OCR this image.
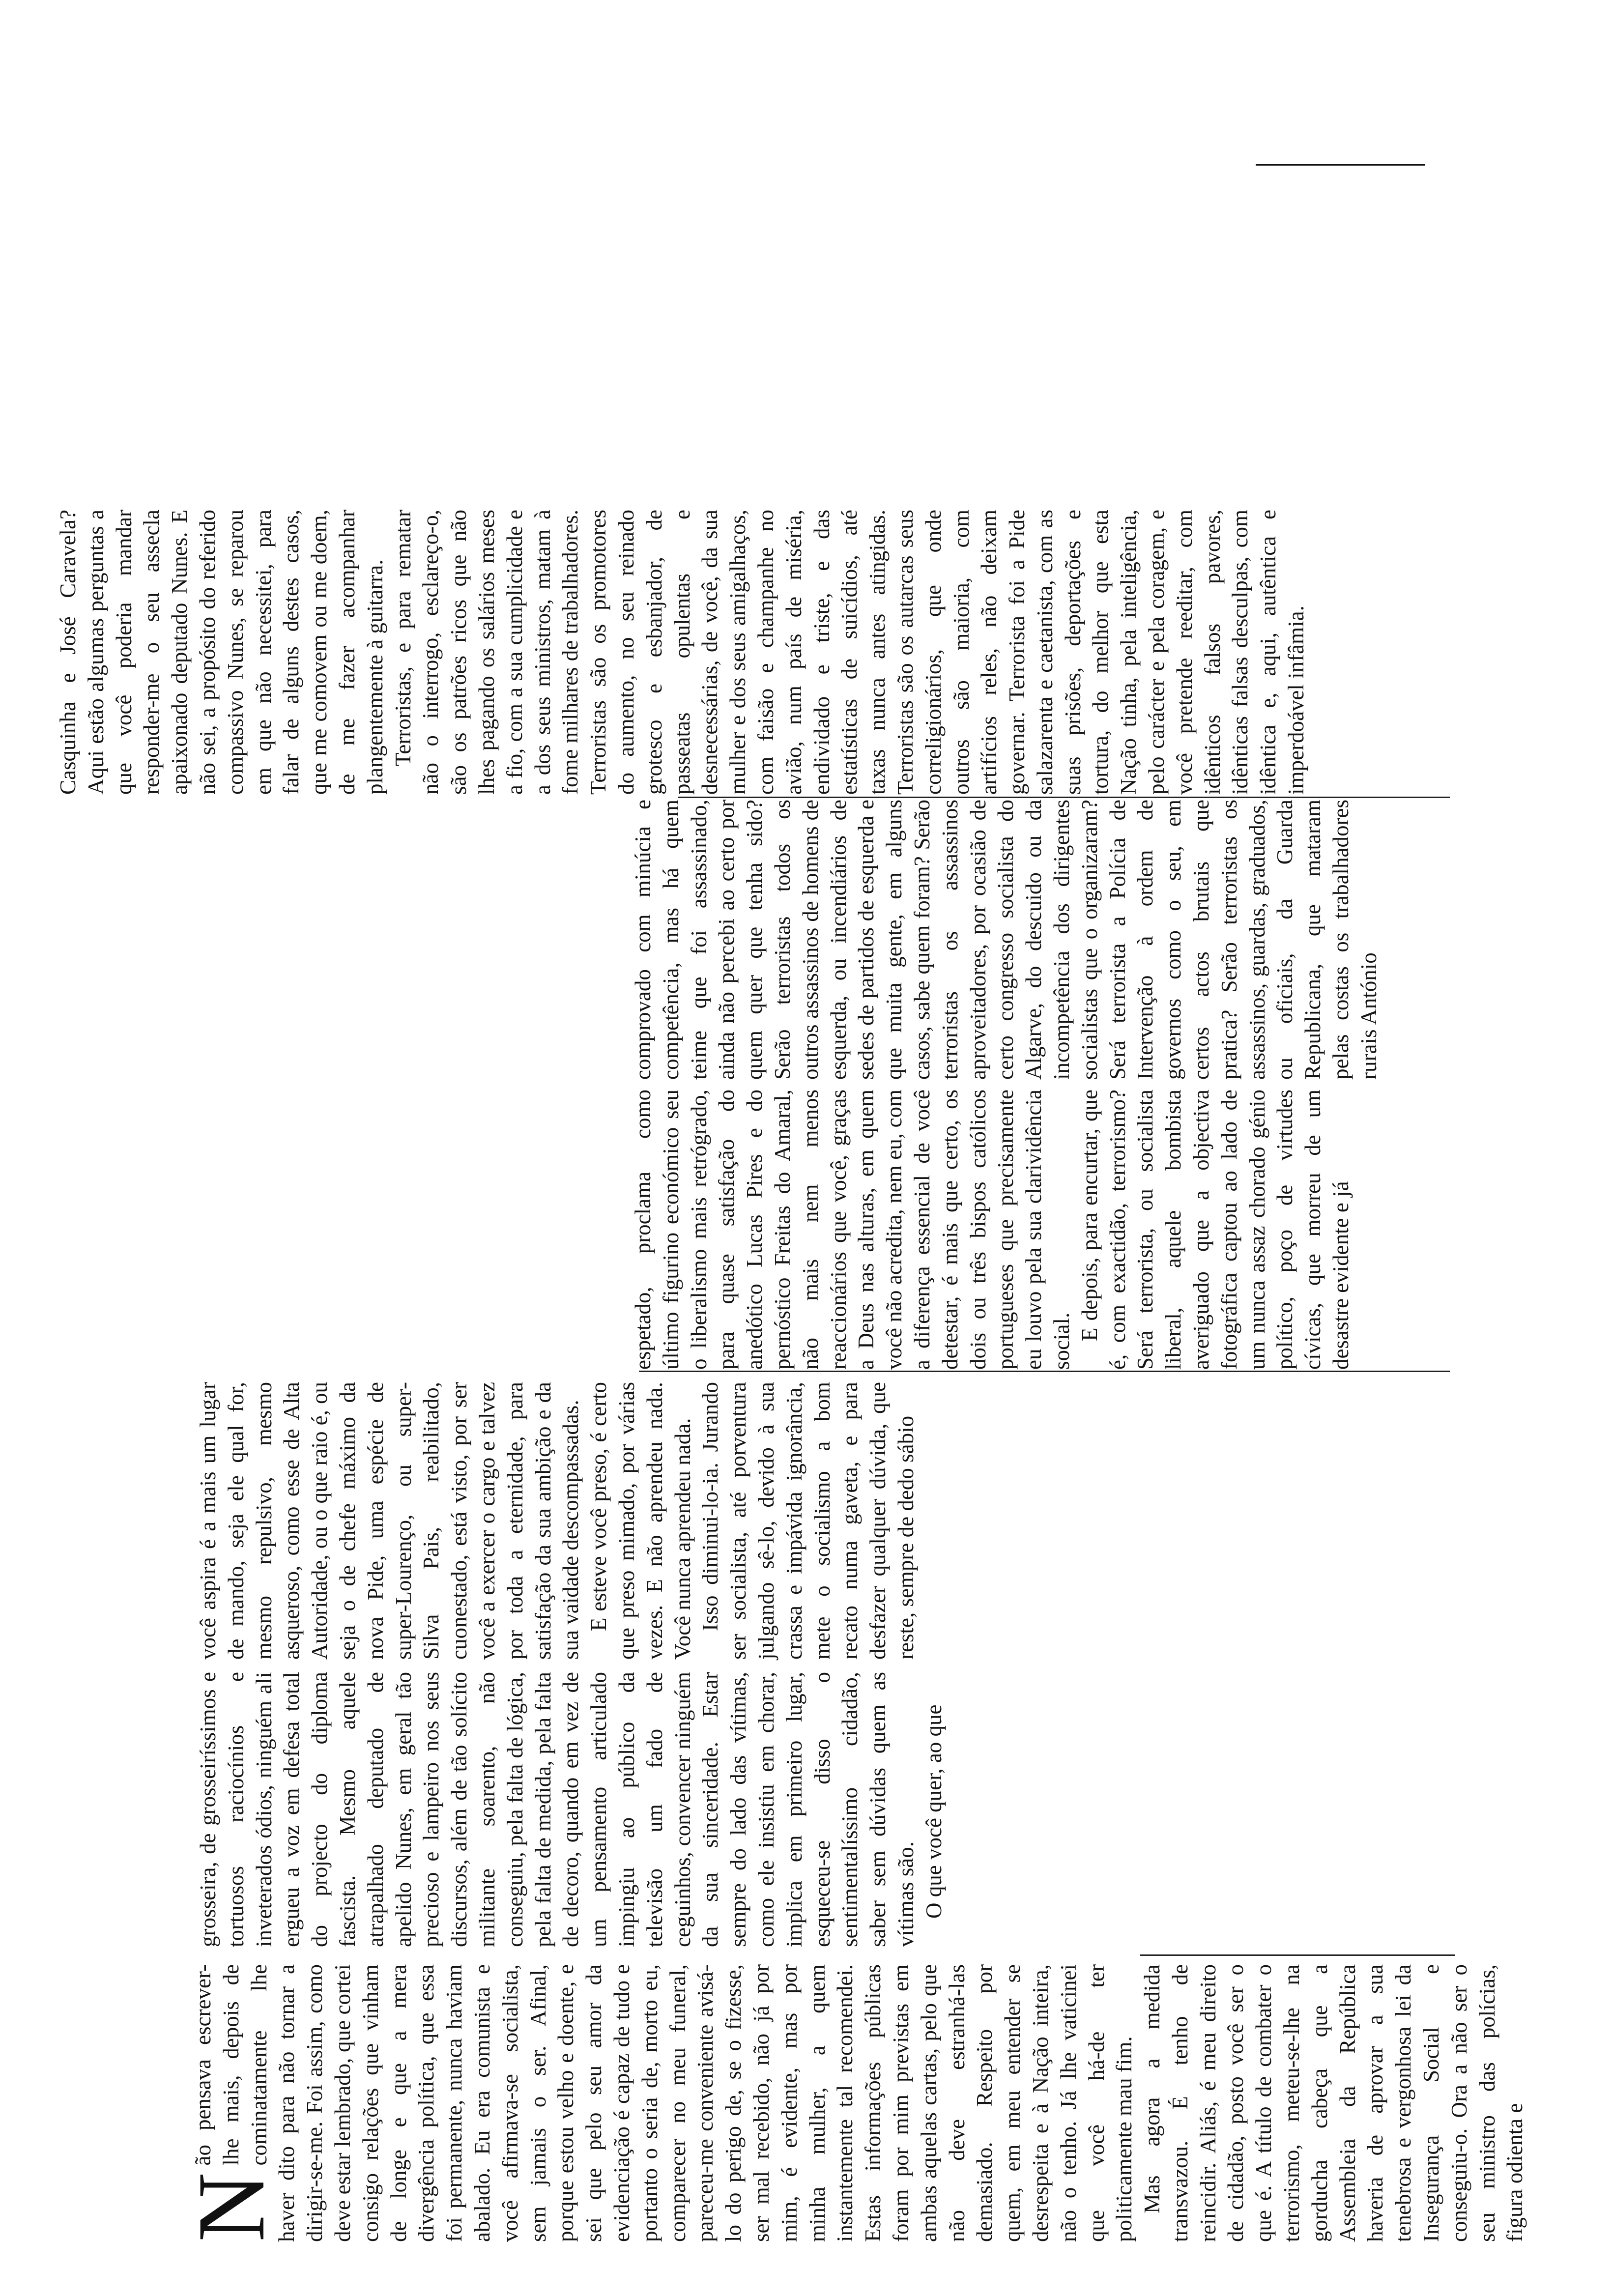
N
ão pensava escrever-lhe mais, depois de cominatamente lhe haver dito para não tornar a dirigir-se-me. Foi assim, como deve estar lembrado, que cortei consigo relações que vinham de longe e que a mera divergência política, que essa foi permanente, nunca haviam abalado. Eu era comunista e você afirmava-se socialista, sem jamais o ser. Afinal, porque estou velho e doente, e sei que pelo seu amor da evidenciação é capaz de tudo e portanto o seria de, morto eu, comparecer no meu funeral, pareceu-me conveniente avisá-lo do perigo de, se o fizesse, ser mal recebido, não já por mim, é evidente, mas por minha mulher, a quem instantemente tal recomendei. Estas informações públicas foram por mim previstas em ambas aquelas cartas, pelo que não deve estranhá-las demasiado. Respeito por quem, em meu entender se desrespeita e à Nação inteira, não o tenho. Já lhe vaticinei que você há-de ter politicamente mau fim. Mas agora a medida transvazou. É tenho de reincidir. Aliás, é meu direito de cidadão, posto você ser o que é. A título de combater o terrorismo, meteu-se-lhe na gorducha cabeça que a Assembleia da República haveria de aprovar a sua tenebrosa e vergonhosa lei da Insegurança Social e conseguiu-o. Ora a não ser o seu ministro das polícias, figura odienta e

grosseira, de grosseiríssimos e tortuosos raciocínios e inveterados ódios, ninguém ali ergueu a voz em defesa total do projecto do diploma fascista. Mesmo aquele atrapalhado deputado de apelido Nunes, em geral tão precioso e lampeiro nos seus discursos, além de tão solícito militante soarento, não conseguiu, pela falta de lógica, pela falta de medida, pela falta de decoro, quando em vez de um pensamento articulado impingiu ao público da televisão um fado de ceguinhos, convencer ninguém da sua sinceridade. Estar sempre do lado das vítimas, como ele insistiu em chorar, implica em primeiro lugar, esqueceu-se disso o sentimentalíssimo cidadão, saber sem dúvidas quem as vítimas são. O que você quer, ao que

você aspira é a mais um lugar de mando, seja ele qual for, mesmo repulsivo, mesmo asqueroso, como esse de Alta Autoridade, ou o que raio é, ou seja o de chefe máximo da nova Pide, uma espécie de super-Lourenço, ou super-Silva Pais, reabilitado, cuonestado, está visto, por ser você a exercer o cargo e talvez por toda a eternidade, para satisfação da sua ambição e da sua vaidade descompassadas. E esteve você preso, é certo que preso mimado, por várias vezes. E não aprendeu nada. Você nunca aprendeu nada. Isso diminui-lo-ia. Jurando ser socialista, até porventura julgando sê-lo, devido à sua crassa e impávida ignorância, mete o socialismo a bom recato numa gaveta, e para desfazer qualquer dúvida, que reste, sempre de dedo sábio

espetado, proclama como último figurino económico seu o liberalismo mais retrógrado, para quase satisfação do anedótico Lucas Pires e do pernóstico Freitas do Amaral, não mais nem menos reaccionários que você, graças a Deus nas alturas, em quem você não acredita, nem eu, com a diferença essencial de você detestar, é mais que certo, os dois ou três bispos católicos portugueses que precisamente eu louvo pela sua clarividência social. E depois, para encurtar, que é, com exactidão, terrorismo? Será terrorista, ou socialista liberal, aquele bombista averiguado que a objectiva fotográfica captou ao lado de um nunca assaz chorado génio político, poço de virtudes cívicas, que morreu de um desastre evidente e já

comprovado com minúcia e competência, mas há quem teime que foi assassinado, ainda não percebi ao certo por quem quer que tenha sido? Serão terroristas todos os outros assassinos de homens de esquerda, ou incendiários de sedes de partidos de esquerda e que muita gente, em alguns casos, sabe quem foram? Serão terroristas os assassinos aproveitadores, por ocasião de certo congresso socialista do Algarve, do descuido ou da incompetência dos dirigentes socialistas que o organizaram? Será terrorista a Polícia de Intervenção à ordem de governos como o seu, em certos actos brutais que pratica? Serão terroristas os assassinos, guardas, graduados, ou oficiais, da Guarda Republicana, que mataram pelas costas os trabalhadores rurais António

Casquinha e José Caravela? Aqui estão algumas perguntas a que você poderia mandar responder-me o seu assecla apaixonado deputado Nunes. E não sei, a propósito do referido compassivo Nunes, se reparou em que não necessitei, para falar de alguns destes casos, que me comovem ou me doem, de me fazer acompanhar plangentemente à guitarra. Terroristas, e para rematar não o interrogo, esclareço-o, são os patrões ricos que não lhes pagando os salários meses a fio, com a sua cumplicidade e a dos seus ministros, matam à fome milhares de trabalhadores. Terroristas são os promotores do aumento, no seu reinado grotesco e esbanjador, de passeatas opulentas e desnecessárias, de você, da sua mulher e dos seus amigalhaços, com faisão e champanhe no avião, num país de miséria, endividado e triste, e das estatísticas de suicídios, até taxas nunca antes atingidas. Terroristas são os autarcas seus correligionários, que onde outros são maioria, com artifícios reles, não deixam governar. Terrorista foi a Pide salazarenta e caetanista, com as suas prisões, deportações e tortura, do melhor que esta Nação tinha, pela inteligência, pelo carácter e pela coragem, e você pretende reeditar, com idênticos falsos pavores, idênticas falsas desculpas, com idêntica e, aqui, autêntica e imperdoável infâmia.
